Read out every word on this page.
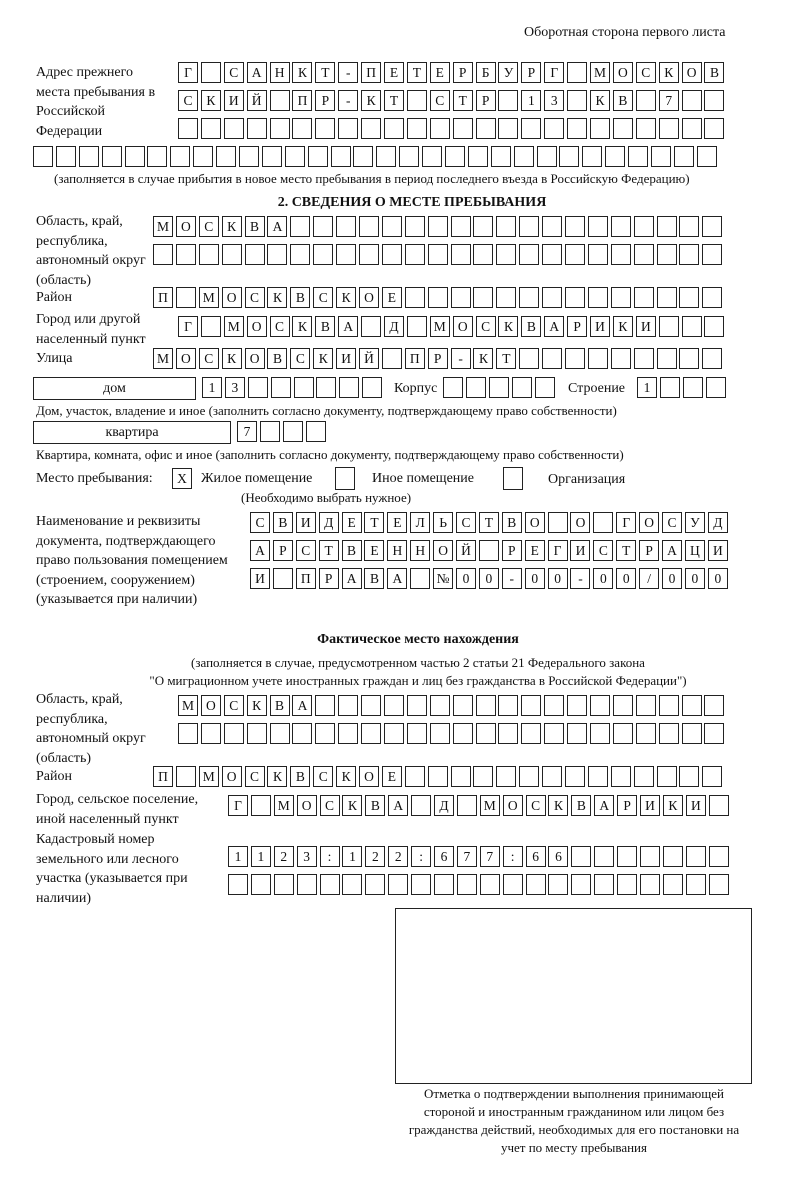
Оборотная сторона первого листа
Адрес прежнего места пребывания в Российской Федерации
Г	С	А Н	К	Т	-	П	Е	Т	Е	Р	Б	У	Р	Г	М О	С	К	О	В
С	К	И Й	П	Р	-	К	Т	С	Т	Р	1	3	К	В	7
(заполняется в случае прибытия в новое место пребывания в период последнего въезда в Российскую Федерацию)
2. СВЕДЕНИЯ О МЕСТЕ ПРЕБЫВАНИЯ
Область, край, республика, автономный округ (область)
М О	С	К	В	А
Район	П	М О	С	К	В	С	К	О	Е
Город или другой населенный пункт
Г	М О	С	К	В	А	Д	М О	С	К	В	А	Р	И	К	И
Улица	М О	С	К	О	В	С	К	И Й	П	Р	-	К	Т
дом	1	3	Корпус	Строение	1
Дом, участок, владение и иное (заполнить согласно документу, подтверждающему право собственности)
квартира	7
Квартира, комната, офис и иное (заполнить согласно документу, подтверждающему право собственности)
Место пребывания:	X	Жилое помещение	Иное помещение	Организация
(Необходимо выбрать нужное)
Наименование и реквизиты документа, подтверждающего право пользования помещением (строением, сооружением) (указывается при наличии)
С	В	И Д	Е	Т	Е	Л	Ь	С	Т	В	О	О	Г	О	С	У	Д
А	Р	С	Т	В	Е	Н Н О Й	Р	Е	Г	И	С	Т	Р	А Ц И
И	П	Р	А	В	А	№ 0	0	-	0	0	-	0	0	/	0	0	0
Фактическое место нахождения
(заполняется в случае, предусмотренном частью 2 статьи 21 Федерального закона
"О миграционном учете иностранных граждан и лиц без гражданства в Российской Федерации")
Область, край, республика, автономный округ (область)
М О	С	К	В	А
Район	П	М О	С	К	В	С	К	О	Е
Город, сельское поселение, иной населенный пункт
Г	М О	С	К	В	А	Д	М О	С	К	В	А	Р	И	К	И
Кадастровый номер земельного или лесного участка (указывается при наличии)
1	1	2	3	:	1	2	2	:	6	7	7	:	6	6
Отметка о подтверждении выполнения принимающей стороной и иностранным гражданином или лицом без гражданства действий, необходимых для его постановки на учет по месту пребывания
